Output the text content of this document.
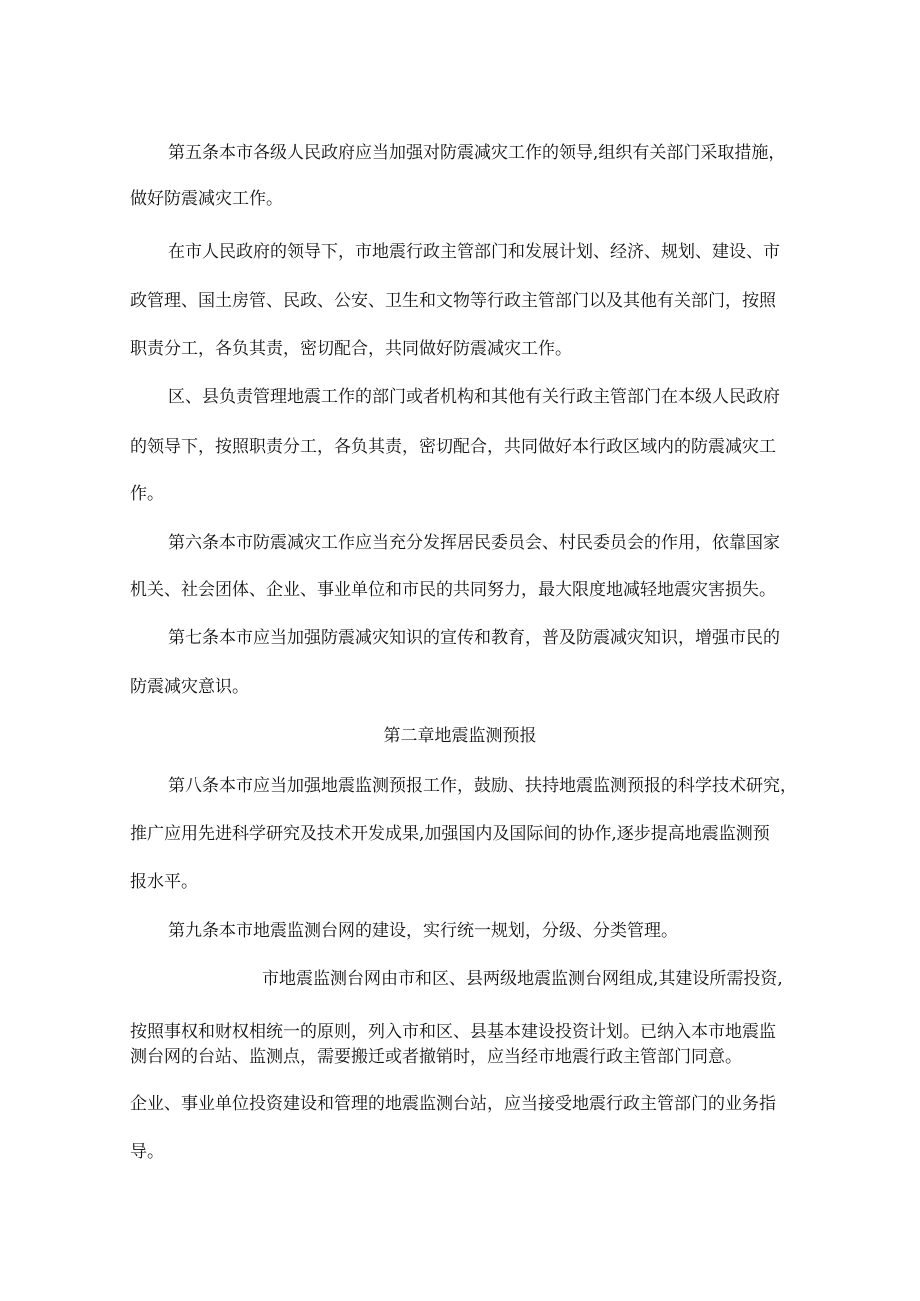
第五条本市各级人民政府应当加强对防震减灾工作的领导,组织有关部门采取措施，
做好防震减灾工作。
在市人民政府的领导下，市地震行政主管部门和发展计划、经济、规划、建设、市
政管理、国土房管、民政、公安、卫生和文物等行政主管部门以及其他有关部门，按照
职责分工，各负其责，密切配合，共同做好防震减灾工作。
区、县负责管理地震工作的部门或者机构和其他有关行政主管部门在本级人民政府
的领导下，按照职责分工，各负其责，密切配合，共同做好本行政区域内的防震减灾工
作。
第六条本市防震减灾工作应当充分发挥居民委员会、村民委员会的作用，依靠国家
机关、社会团体、企业、事业单位和市民的共同努力，最大限度地减轻地震灾害损失。
第七条本市应当加强防震减灾知识的宣传和教育，普及防震减灾知识，增强市民的
防震减灾意识。
第二章地震监测预报
第八条本市应当加强地震监测预报工作，鼓励、扶持地震监测预报的科学技术研究，
推广应用先进科学研究及技术开发成果,加强国内及国际间的协作,逐步提高地震监测预
报水平。
第九条本市地震监测台网的建设，实行统一规划，分级、分类管理。
市地震监测台网由市和区、县两级地震监测台网组成,其建设所需投资,
按照事权和财权相统一的原则，列入市和区、县基本建设投资计划。已纳入本市地震监
测台网的台站、监测点，需要搬迁或者撤销时，应当经市地震行政主管部门同意。
企业、事业单位投资建设和管理的地震监测台站，应当接受地震行政主管部门的业务指
导。
